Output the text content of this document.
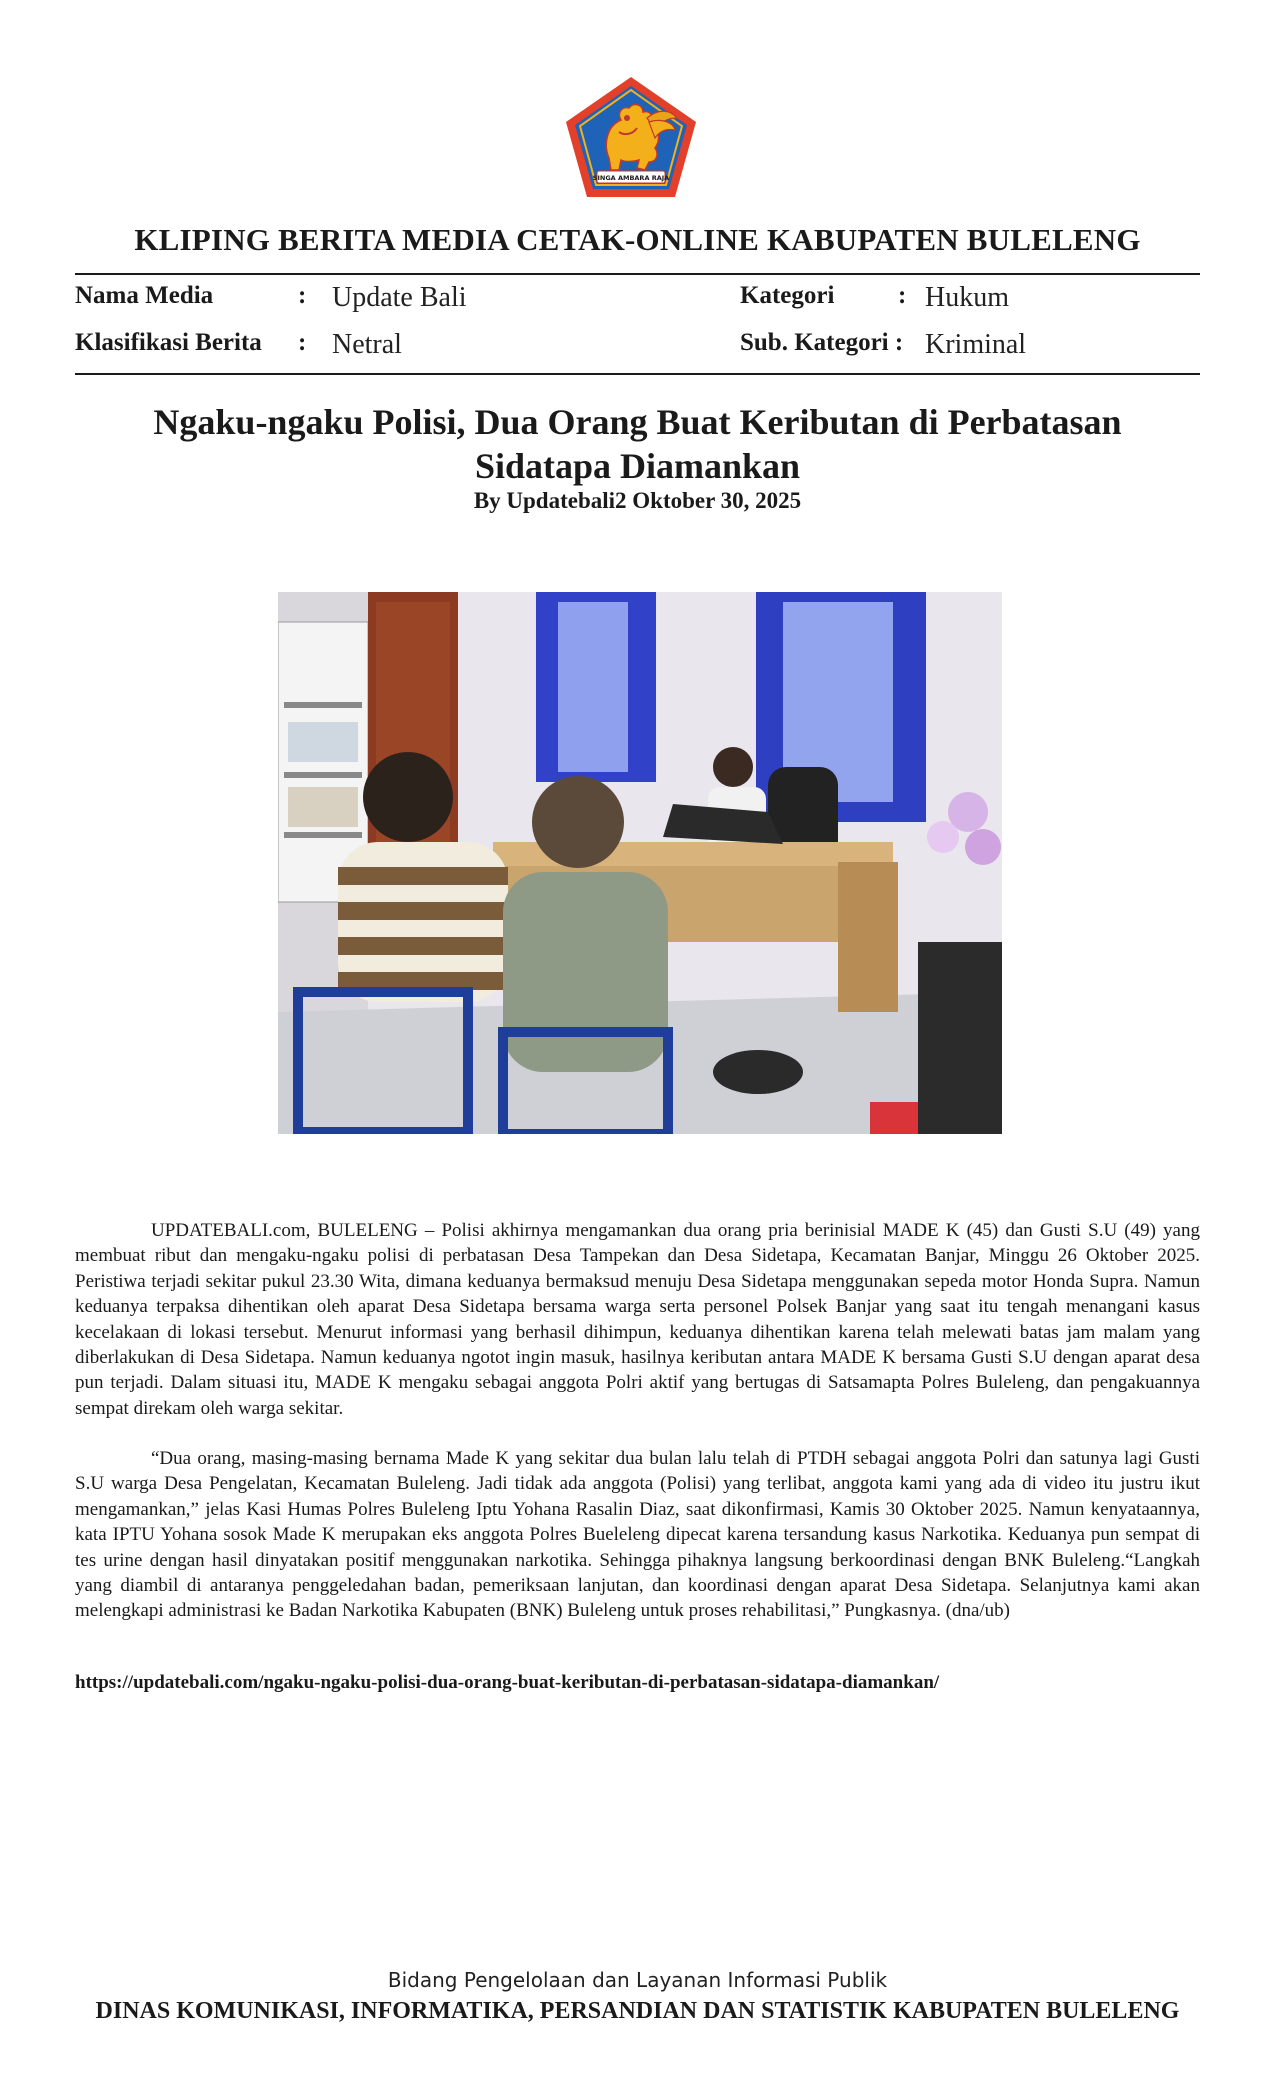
SINGA AMBARA RAJA
KLIPING BERITA MEDIA CETAK-ONLINE KABUPATEN BULELENG
Nama Media	: Update Bali	Kategori	: Hukum
Klasifikasi Berita : Netral	Sub. Kategori : Kriminal
Ngaku-ngaku Polisi, Dua Orang Buat Keributan di Perbatasan Sidatapa Diamankan
By Updatebali2 Oktober 30, 2025

UPDATEBALI.com, BULELENG – Polisi akhirnya mengamankan dua orang pria berinisial MADE K (45) dan Gusti S.U (49) yang membuat ribut dan mengaku-ngaku polisi di perbatasan Desa Tampekan dan Desa Sidetapa, Kecamatan Banjar, Minggu 26 Oktober 2025. Peristiwa terjadi sekitar pukul 23.30 Wita, dimana keduanya bermaksud menuju Desa Sidetapa menggunakan sepeda motor Honda Supra. Namun keduanya terpaksa dihentikan oleh aparat Desa Sidetapa bersama warga serta personel Polsek Banjar yang saat itu tengah menangani kasus kecelakaan di lokasi tersebut. Menurut informasi yang berhasil dihimpun, keduanya dihentikan karena telah melewati batas jam malam yang diberlakukan di Desa Sidetapa. Namun keduanya ngotot ingin masuk, hasilnya keributan antara MADE K bersama Gusti S.U dengan aparat desa pun terjadi. Dalam situasi itu, MADE K mengaku sebagai anggota Polri aktif yang bertugas di Satsamapta Polres Buleleng, dan pengakuannya sempat direkam oleh warga sekitar.

“Dua orang, masing-masing bernama Made K yang sekitar dua bulan lalu telah di PTDH sebagai anggota Polri dan satunya lagi Gusti S.U warga Desa Pengelatan, Kecamatan Buleleng. Jadi tidak ada anggota (Polisi) yang terlibat, anggota kami yang ada di video itu justru ikut mengamankan,” jelas Kasi Humas Polres Buleleng Iptu Yohana Rasalin Diaz, saat dikonfirmasi, Kamis 30 Oktober 2025. Namun kenyataannya, kata IPTU Yohana sosok Made K merupakan eks anggota Polres Bueleleng dipecat karena tersandung kasus Narkotika. Keduanya pun sempat di tes urine dengan hasil dinyatakan positif menggunakan narkotika. Sehingga pihaknya langsung berkoordinasi dengan BNK Buleleng.“Langkah yang diambil di antaranya penggeledahan badan, pemeriksaan lanjutan, dan koordinasi dengan aparat Desa Sidetapa. Selanjutnya kami akan melengkapi administrasi ke Badan Narkotika Kabupaten (BNK) Buleleng untuk proses rehabilitasi,” Pungkasnya. (dna/ub)

https://updatebali.com/ngaku-ngaku-polisi-dua-orang-buat-keributan-di-perbatasan-sidatapa-diamankan/
Bidang Pengelolaan dan Layanan Informasi Publik
DINAS KOMUNIKASI, INFORMATIKA, PERSANDIAN DAN STATISTIK KABUPATEN BULELENG
